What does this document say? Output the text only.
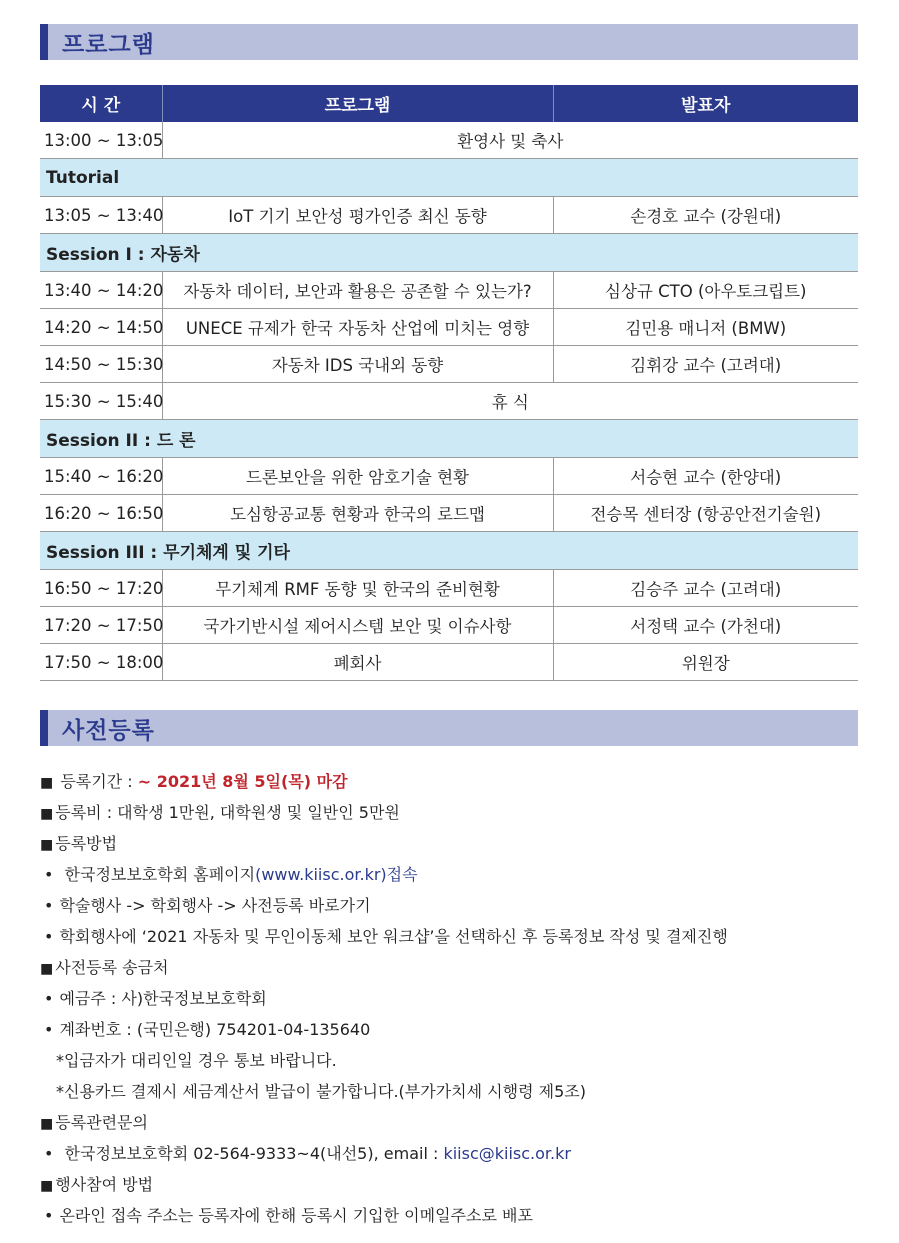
프로그램
시 간	프로그램	발표자
13:00 ~ 13:05	환영사 및 축사	
Tutorial		
13:05 ~ 13:40	IoT 기기 보안성 평가인증 최신 동향	손경호 교수 (강원대)
Session I : 자동차		
13:40 ~ 14:20	자동차 데이터, 보안과 활용은 공존할 수 있는가?	심상규 CTO (아우토크립트)
14:20 ~ 14:50	UNECE 규제가 한국 자동차 산업에 미치는 영향	김민용 매니저 (BMW)
14:50 ~ 15:30	자동차 IDS 국내외 동향	김휘강 교수 (고려대)
15:30 ~ 15:40	휴 식	
Session II : 드 론		
15:40 ~ 16:20	드론보안을 위한 암호기술 현황	서승현 교수 (한양대)
16:20 ~ 16:50	도심항공교통 현황과 한국의 로드맵	전승목 센터장 (항공안전기술원)
Session III : 무기체계 및 기타		
16:50 ~ 17:20	무기체계 RMF 동향 및 한국의 준비현황	김승주 교수 (고려대)
17:20 ~ 17:50	국가기반시설 제어시스템 보안 및 이슈사항	서정택 교수 (가천대)
17:50 ~ 18:00	폐회사	위원장
사전등록
■ 등록기간 : ~ 2021년 8월 5일(목) 마감
■ 등록비 : 대학생 1만원, 대학원생 및 일반인 5만원
■ 등록방법
• 한국정보보호학회 홈페이지(www.kiisc.or.kr)접속
• 학술행사 -> 학회행사 -> 사전등록 바로가기
• 학회행사에 ‘2021 자동차 및 무인이동체 보안 워크샵’을 선택하신 후 등록정보 작성 및 결제진행
■ 사전등록 송금처
• 예금주 : 사)한국정보보호학회
• 계좌번호 : (국민은행) 754201-04-135640
*입금자가 대리인일 경우 통보 바랍니다.
*신용카드 결제시 세금계산서 발급이 불가합니다.(부가가치세 시행령 제5조)
■ 등록관련문의
• 한국정보보호학회 02-564-9333~4(내선5), email : kiisc@kiisc.or.kr
■ 행사참여 방법
• 온라인 접속 주소는 등록자에 한해 등록시 기입한 이메일주소로 배포
